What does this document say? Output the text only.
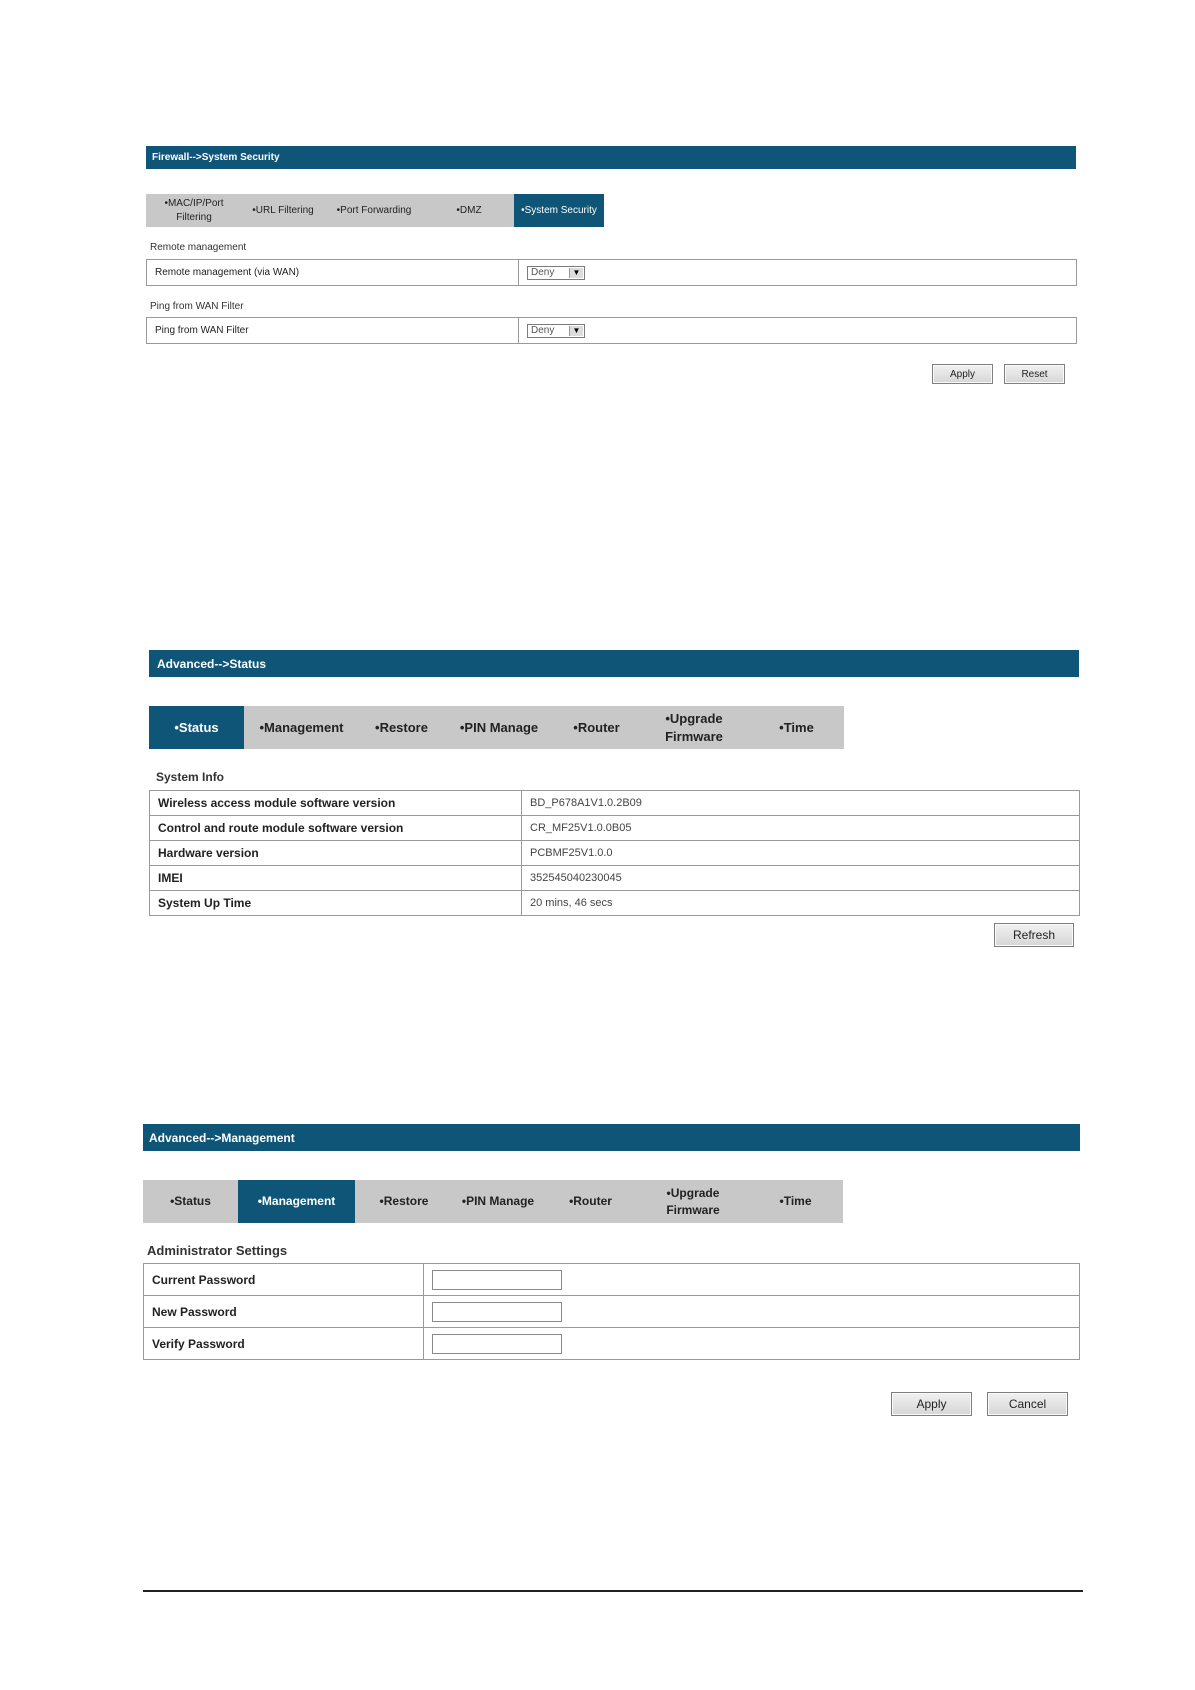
Firewall-->System Security
•MAC/IP/Port
Filtering
•URL Filtering •Port Forwarding	•DMZ	•System Security
Remote management
Remote management (via WAN)	Deny	▼
Ping from WAN Filter
Ping from WAN Filter	Deny	▼
Apply	Reset
Advanced-->Status
•Status	•Management •Restore •PIN Manage	•Router
•Upgrade
Firmware
•Time
System Info
Wireless access module software version	BD_P678A1V1.0.2B09
Control and route module software version	CR_MF25V1.0.0B05
Hardware version	PCBMF25V1.0.0
IMEI	352545040230045
System Up Time	20 mins, 46 secs
Refresh
Advanced-->Management
•Status	•Management	•Restore	•PIN Manage	•Router
•Upgrade
Firmware
•Time
Administrator Settings
Current Password	

New Password	

Verify Password	
Apply	Cancel
